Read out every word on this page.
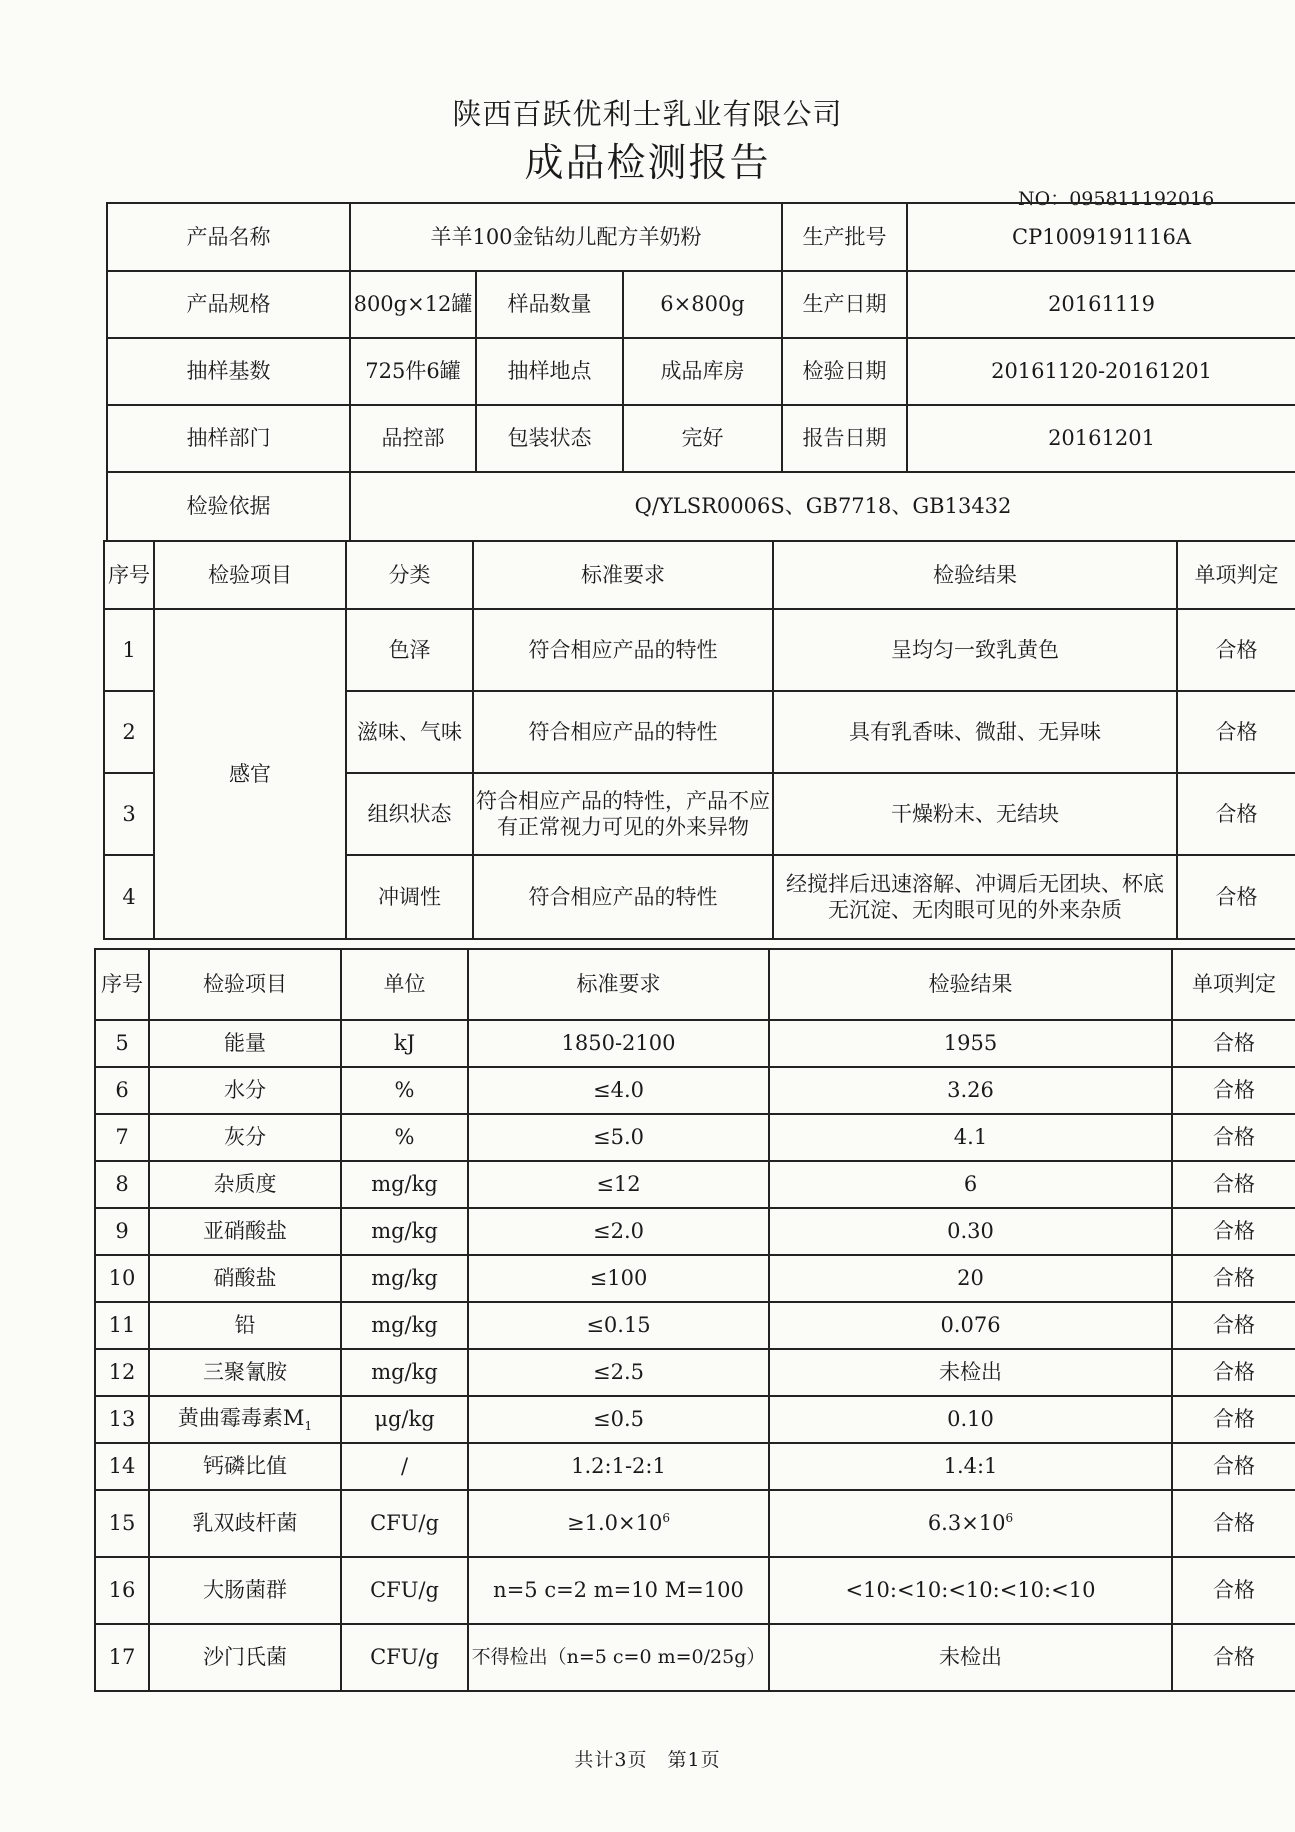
陕西百跃优利士乳业有限公司
成品检测报告
NO：095811192016
产品名称	羊羊100金钻幼儿配方羊奶粉			生产批号	CP1009191116A
产品规格	800g×12罐	样品数量	6×800g	生产日期	20161119
抽样基数	725件6罐	抽样地点	成品库房	检验日期	20161120-20161201
抽样部门	品控部	包装状态	完好	报告日期	20161201
检验依据	Q/YLSR0006S、GB7718、GB13432				
序号	检验项目	分类	标准要求	检验结果	单项判定
1	感官	色泽	符合相应产品的特性	呈均匀一致乳黄色	合格
2		滋味、气味	符合相应产品的特性	具有乳香味、微甜、无异味	合格
3		组织状态	符合相应产品的特性，产品不应有正常视力可见的外来异物	干燥粉末、无结块	合格
4		冲调性	符合相应产品的特性	经搅拌后迅速溶解、冲调后无团块、杯底无沉淀、无肉眼可见的外来杂质	合格
序号	检验项目	单位	标准要求	检验结果	单项判定
5	能量	kJ	1850-2100	1955	合格
6	水分	%	≤4.0	3.26	合格
7	灰分	%	≤5.0	4.1	合格
8	杂质度	mg/kg	≤12	6	合格
9	亚硝酸盐	mg/kg	≤2.0	0.30	合格
10	硝酸盐	mg/kg	≤100	20	合格
11	铅	mg/kg	≤0.15	0.076	合格
12	三聚氰胺	mg/kg	≤2.5	未检出	合格
13	黄曲霉毒素$M_1$	μg/kg	≤0.5	0.10	合格
14	钙磷比值	/	1.2:1-2:1	1.4:1	合格
15	乳双歧杆菌	CFU/g	$\ge 1.0\times 10^6$	$6.3\times 10^6$	合格
16	大肠菌群	CFU/g	n=5 c=2 m=10 M=100	<10:<10:<10:<10:<10	合格
17	沙门氏菌	CFU/g	不得检出（n=5 c=0 m=0/25g）	未检出	合格
共计3页　第1页
